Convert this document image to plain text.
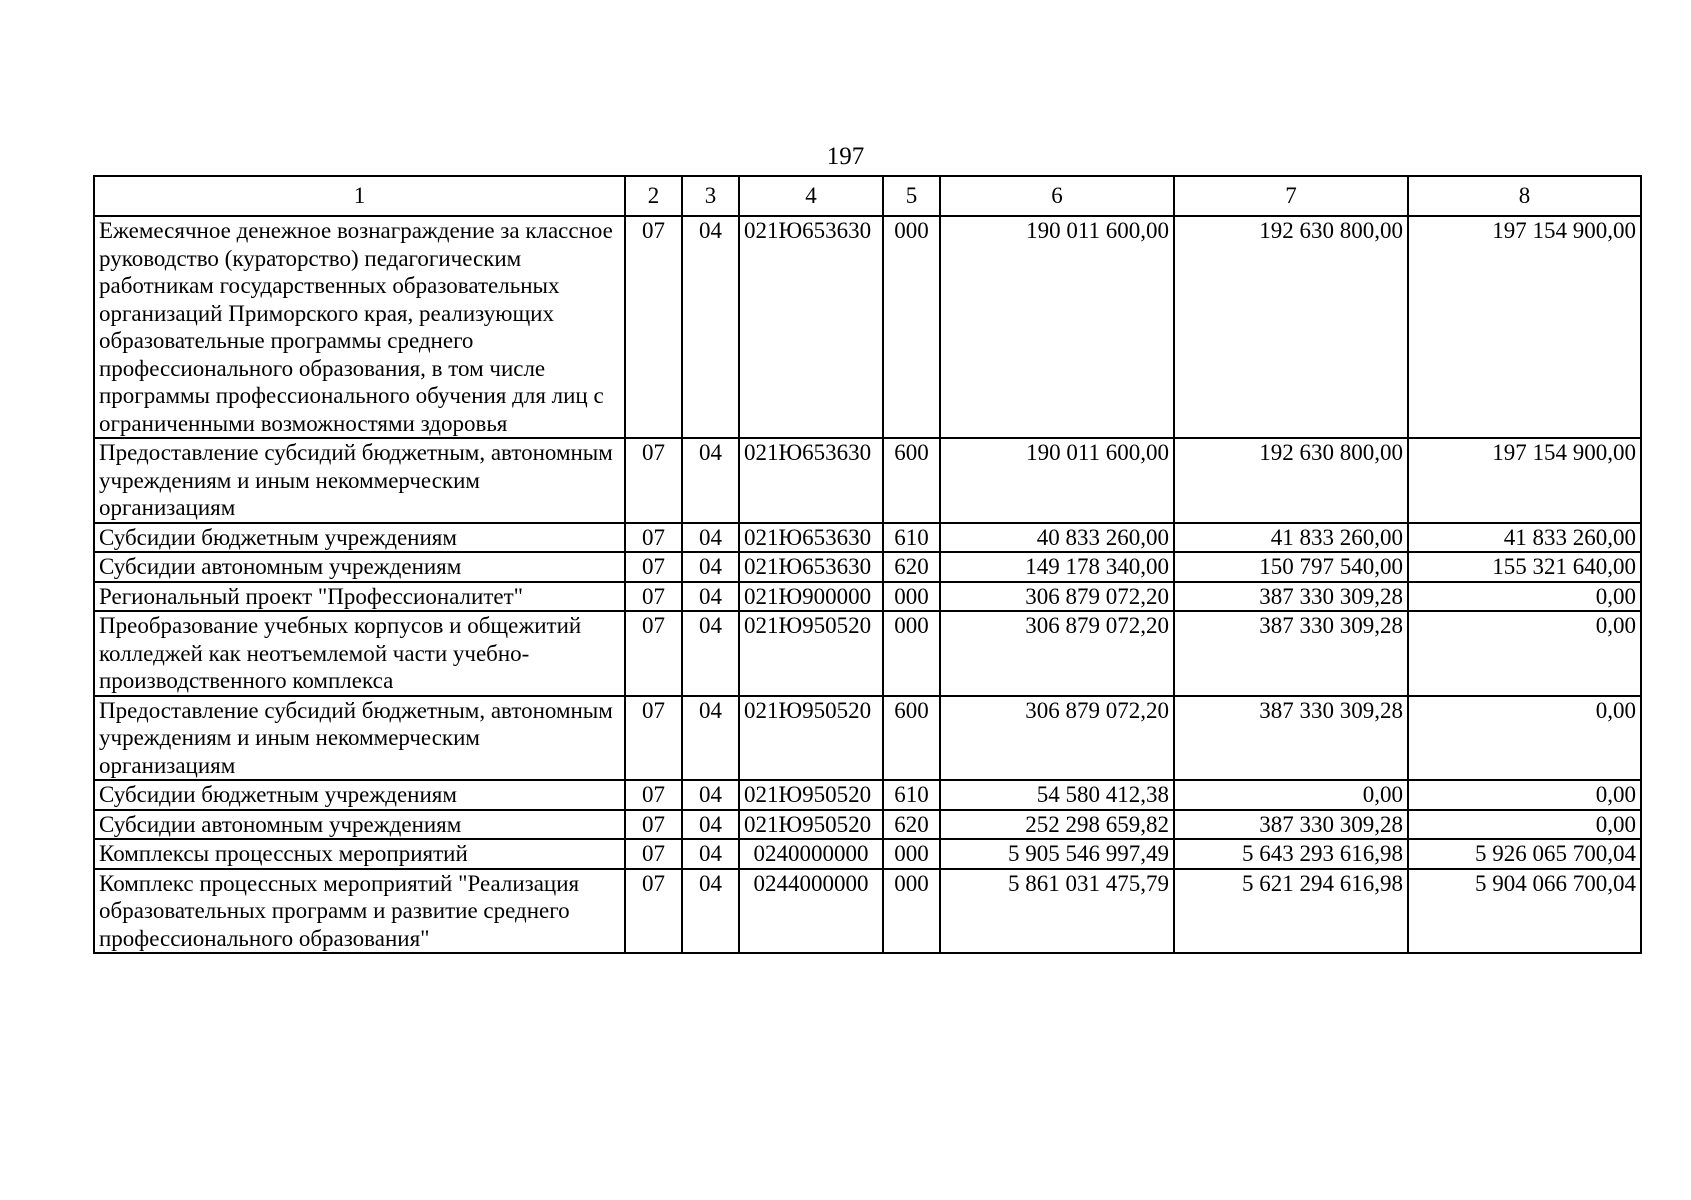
197
1	2	3	4	5	6	7	8
Ежемесячное денежное вознаграждение за классное руководство (кураторство) педагогическим работникам государственных образовательных организаций Приморского края, реализующих образовательные программы среднего профессионального образования, в том числе программы профессионального обучения для лиц с ограниченными возможностями здоровья	07	04	021Ю653630	000	190 011 600,00	192 630 800,00	197 154 900,00
Предоставление субсидий бюджетным, автономным учреждениям и иным некоммерческим организациям	07	04	021Ю653630	600	190 011 600,00	192 630 800,00	197 154 900,00
Субсидии бюджетным учреждениям	07	04	021Ю653630	610	40 833 260,00	41 833 260,00	41 833 260,00
Субсидии автономным учреждениям	07	04	021Ю653630	620	149 178 340,00	150 797 540,00	155 321 640,00
Региональный проект "Профессионалитет"	07	04	021Ю900000	000	306 879 072,20	387 330 309,28	0,00
Преобразование учебных корпусов и общежитий колледжей как неотъемлемой части учебно-производственного комплекса	07	04	021Ю950520	000	306 879 072,20	387 330 309,28	0,00
Предоставление субсидий бюджетным, автономным учреждениям и иным некоммерческим организациям	07	04	021Ю950520	600	306 879 072,20	387 330 309,28	0,00
Субсидии бюджетным учреждениям	07	04	021Ю950520	610	54 580 412,38	0,00	0,00
Субсидии автономным учреждениям	07	04	021Ю950520	620	252 298 659,82	387 330 309,28	0,00
Комплексы процессных мероприятий	07	04	0240000000	000	5 905 546 997,49	5 643 293 616,98	5 926 065 700,04
Комплекс процессных мероприятий "Реализация образовательных программ и развитие среднего профессионального образования"	07	04	0244000000	000	5 861 031 475,79	5 621 294 616,98	5 904 066 700,04
